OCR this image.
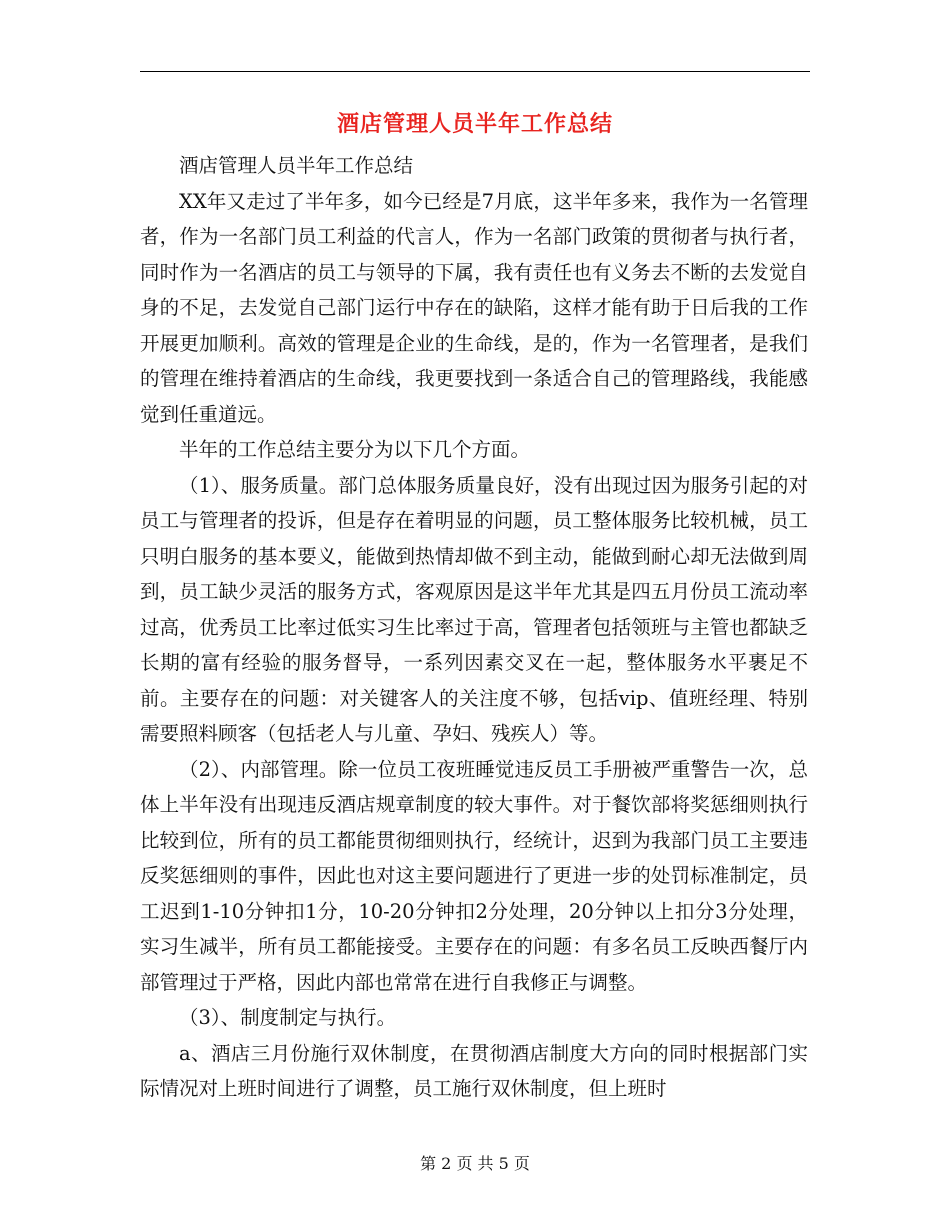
酒店管理人员半年工作总结

酒店管理人员半年工作总结

XX年又走过了半年多，如今已经是7月底，这半年多来，我作为一名管理者，作为一名部门员工利益的代言人，作为一名部门政策的贯彻者与执行者，同时作为一名酒店的员工与领导的下属，我有责任也有义务去不断的去发觉自身的不足，去发觉自己部门运行中存在的缺陷，这样才能有助于日后我的工作开展更加顺利。高效的管理是企业的生命线，是的，作为一名管理者，是我们的管理在维持着酒店的生命线，我更要找到一条适合自己的管理路线，我能感觉到任重道远。

半年的工作总结主要分为以下几个方面。

（1）、服务质量。部门总体服务质量良好，没有出现过因为服务引起的对员工与管理者的投诉，但是存在着明显的问题，员工整体服务比较机械，员工只明白服务的基本要义，能做到热情却做不到主动，能做到耐心却无法做到周到，员工缺少灵活的服务方式，客观原因是这半年尤其是四五月份员工流动率过高，优秀员工比率过低实习生比率过于高，管理者包括领班与主管也都缺乏长期的富有经验的服务督导，一系列因素交叉在一起，整体服务水平裹足不前。主要存在的问题：对关键客人的关注度不够，包括vip、值班经理、特别需要照料顾客（包括老人与儿童、孕妇、残疾人）等。

（2）、内部管理。除一位员工夜班睡觉违反员工手册被严重警告一次，总体上半年没有出现违反酒店规章制度的较大事件。对于餐饮部将奖惩细则执行比较到位，所有的员工都能贯彻细则执行，经统计，迟到为我部门员工主要违反奖惩细则的事件，因此也对这主要问题进行了更进一步的处罚标准制定，员工迟到1-10分钟扣1分，10-20分钟扣2分处理，20分钟以上扣分3分处理，实习生减半，所有员工都能接受。主要存在的问题：有多名员工反映西餐厅内部管理过于严格，因此内部也常常在进行自我修正与调整。

（3）、制度制定与执行。

a、酒店三月份施行双休制度，在贯彻酒店制度大方向的同时根据部门实际情况对上班时间进行了调整，员工施行双休制度，但上班时

第 2 页 共 5 页
